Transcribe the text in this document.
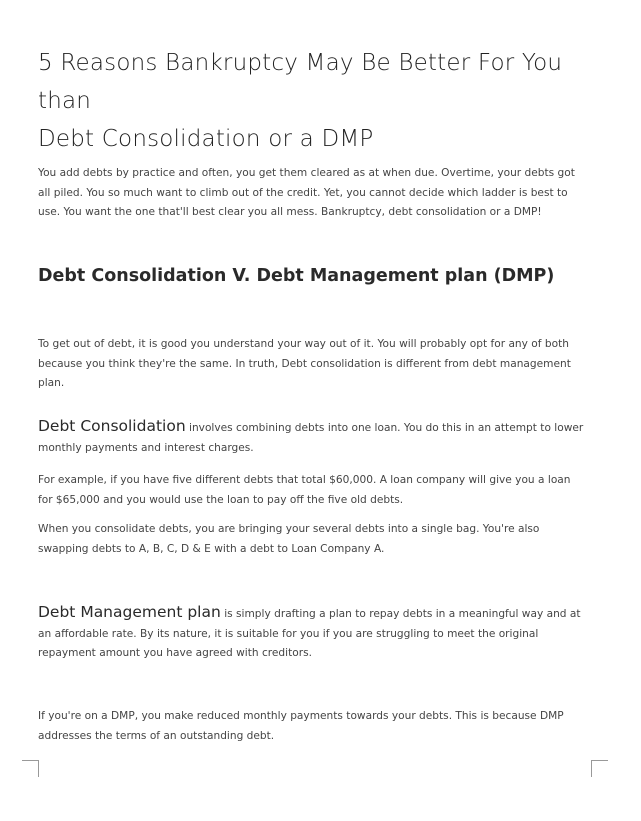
5 Reasons Bankruptcy May Be Better For You than
Debt Consolidation or a DMP

You add debts by practice and often, you get them cleared as at when due. Overtime, your debts got all piled. You so much want to climb out of the credit. Yet, you cannot decide which ladder is best to use. You want the one that'll best clear you all mess. Bankruptcy, debt consolidation or a DMP!

Debt Consolidation V. Debt Management plan (DMP)

To get out of debt, it is good you understand your way out of it. You will probably opt for any of both because you think they're the same. In truth, Debt consolidation is different from debt management plan.

Debt Consolidation involves combining debts into one loan. You do this in an attempt to lower monthly payments and interest charges.

For example, if you have five different debts that total $60,000. A loan company will give you a loan for $65,000 and you would use the loan to pay off the five old debts.

When you consolidate debts, you are bringing your several debts into a single bag. You're also swapping debts to A, B, C, D & E with a debt to Loan Company A.

Debt Management plan is simply drafting a plan to repay debts in a meaningful way and at an affordable rate. By its nature, it is suitable for you if you are struggling to meet the original repayment amount you have agreed with creditors.

If you're on a DMP, you make reduced monthly payments towards your debts. This is because DMP addresses the terms of an outstanding debt.
